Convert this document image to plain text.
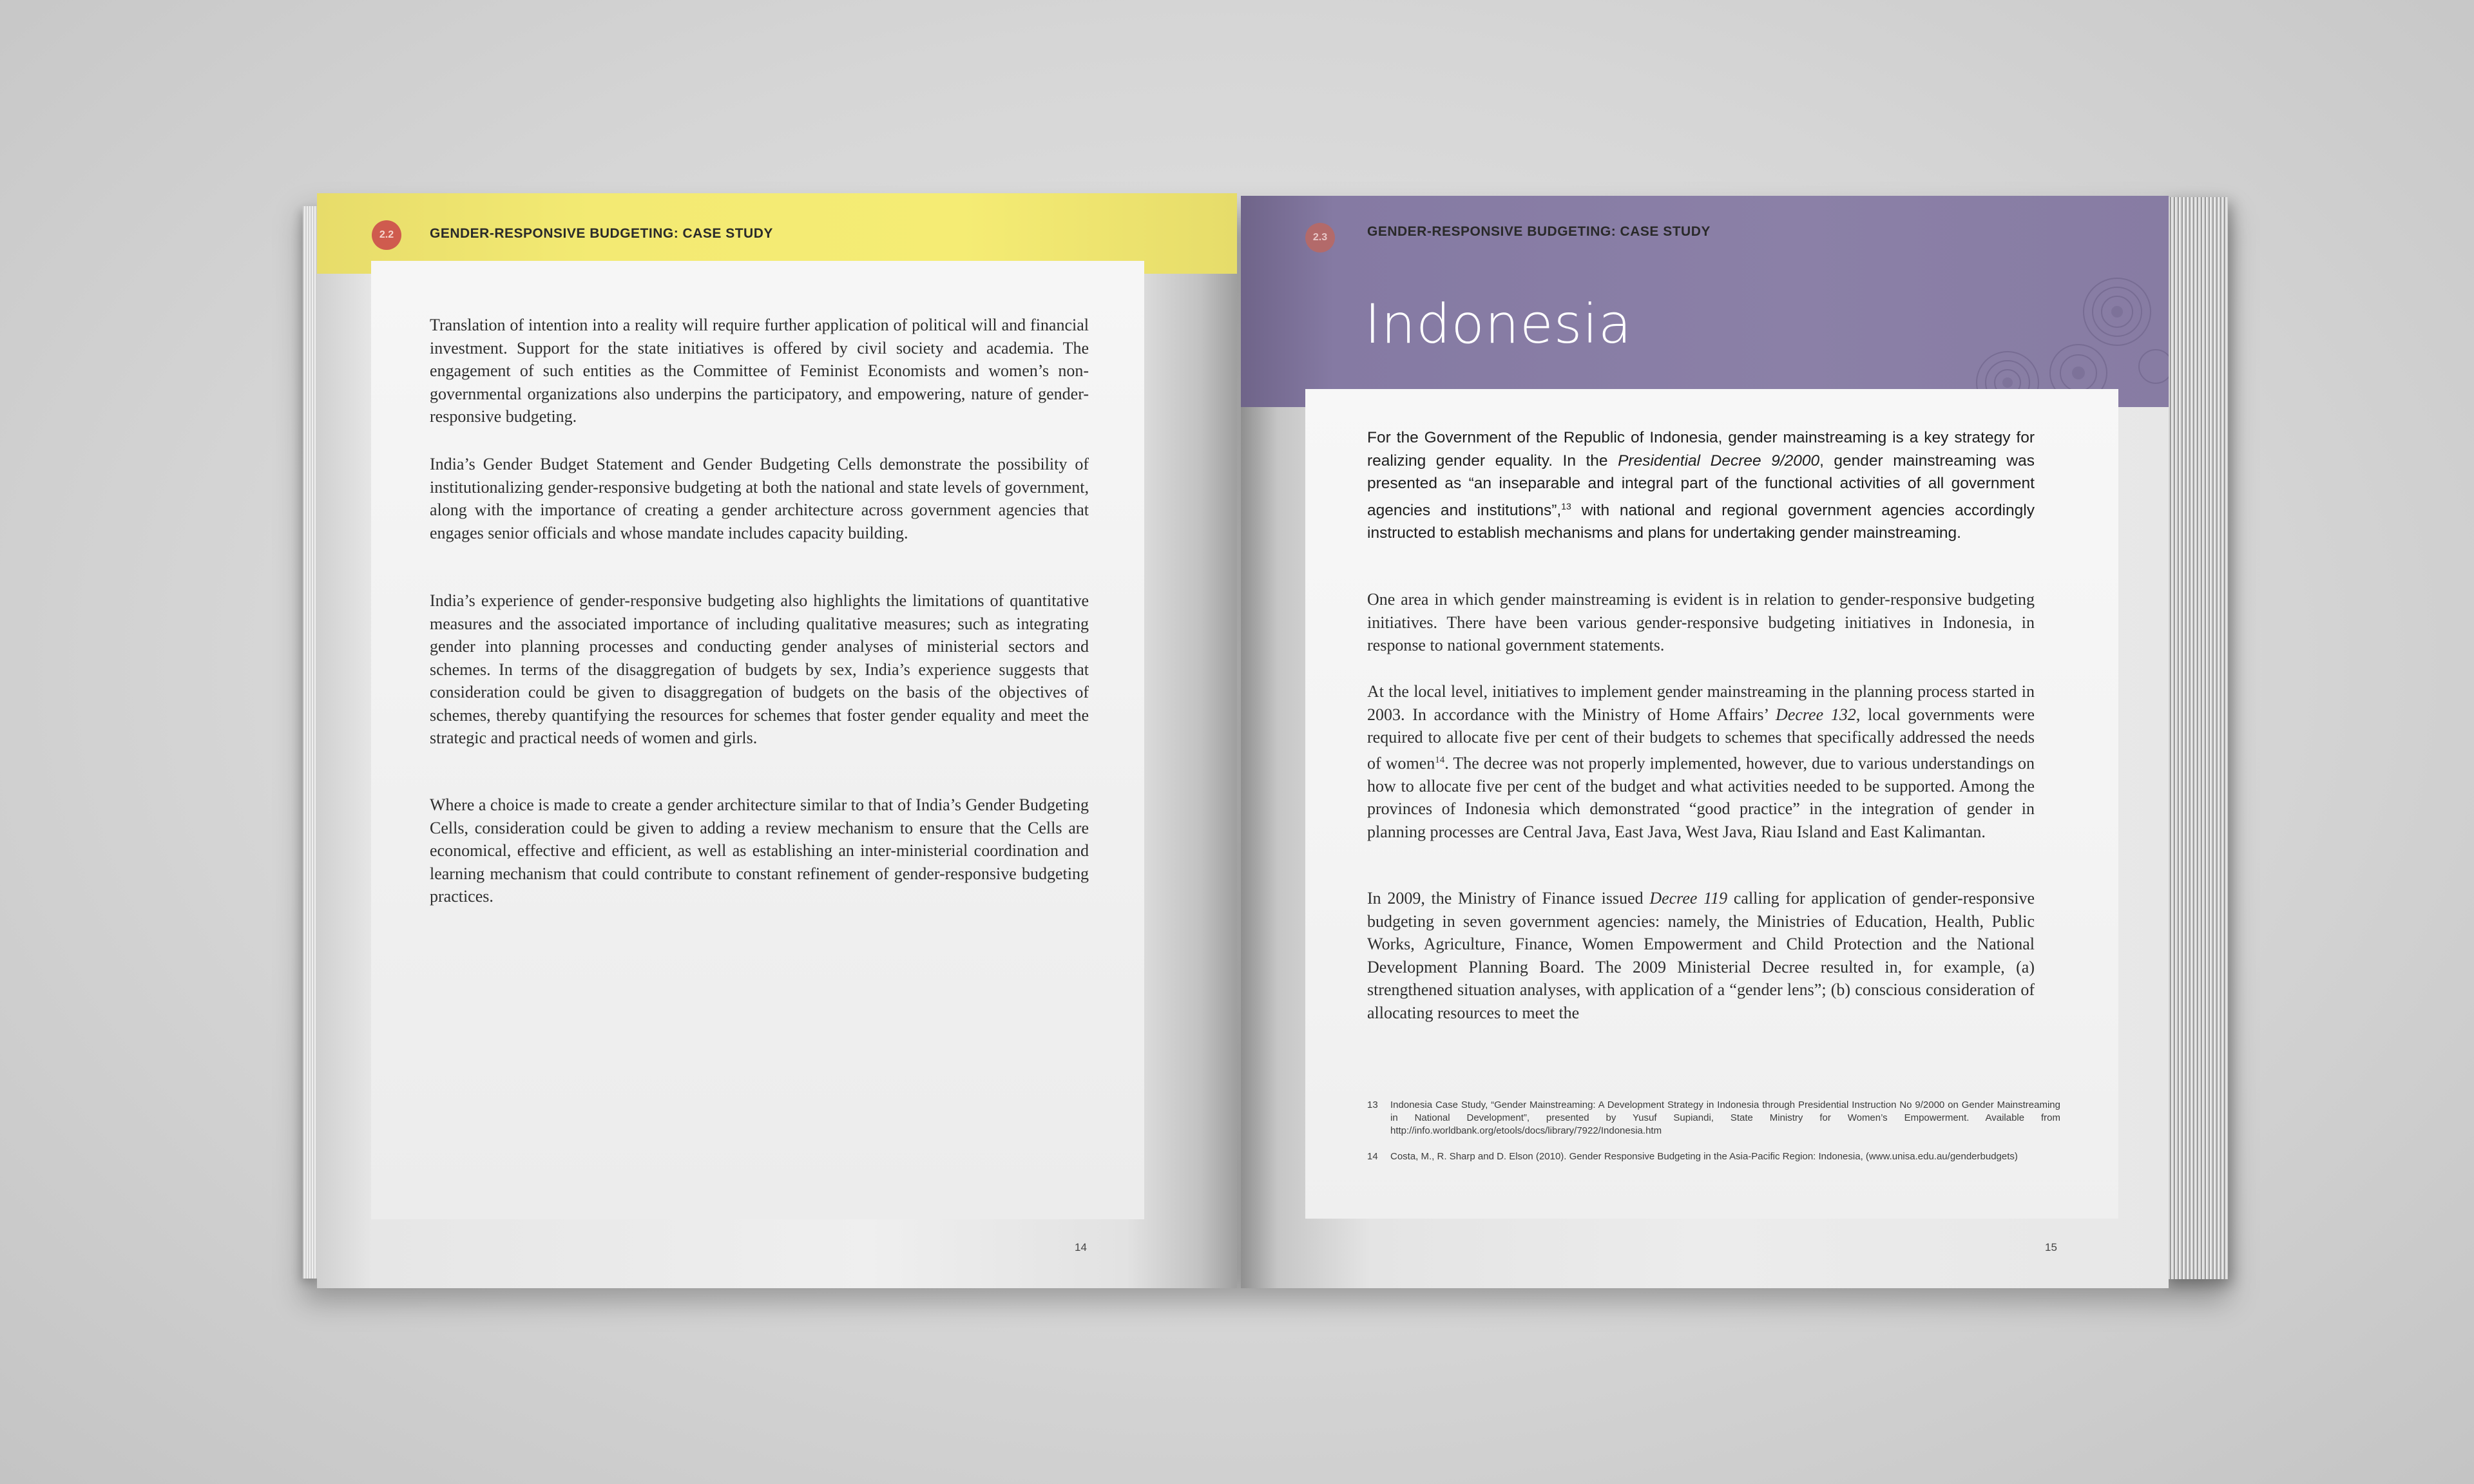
2.2	GENDER-RESPONSIVE BUDGETING: CASE STUDY

Translation of intention into a reality will require further application of political will and financial investment. Support for the state initiatives is offered by civil society and academia. The engagement of such entities as the Committee of Feminist Economists and women’s non-governmental organizations also underpins the participatory, and empowering, nature of gender-responsive budgeting.

India’s Gender Budget Statement and Gender Budgeting Cells demonstrate the possibility of institutionalizing gender-responsive budgeting at both the national and state levels of government, along with the importance of creating a gender architecture across government agencies that engages senior officials and whose mandate includes capacity building.

India’s experience of gender-responsive budgeting also highlights the limitations of quantitative measures and the associated importance of including qualitative measures; such as integrating gender into planning processes and conducting gender analyses of ministerial sectors and schemes. In terms of the disaggregation of budgets by sex, India’s experience suggests that consideration could be given to disaggregation of budgets on the basis of the objectives of schemes, thereby quantifying the resources for schemes that foster gender equality and meet the strategic and practical needs of women and girls.

Where a choice is made to create a gender architecture similar to that of India’s Gender Budgeting Cells, consideration could be given to adding a review mechanism to ensure that the Cells are economical, effective and efficient, as well as establishing an inter-ministerial coordination and learning mechanism that could contribute to constant refinement of gender-responsive budgeting practices.

14
2.3	GENDER-RESPONSIVE BUDGETING: CASE STUDY
Indonesia

For the Government of the Republic of Indonesia, gender mainstreaming is a key strategy for realizing gender equality. In the Presidential Decree 9/2000, gender mainstreaming was presented as “an inseparable and integral part of the functional activities of all government agencies and institutions”,$^{13}$ with national and regional government agencies accordingly instructed to establish mechanisms and plans for undertaking gender mainstreaming.

One area in which gender mainstreaming is evident is in relation to gender-responsive budgeting initiatives. There have been various gender-responsive budgeting initiatives in Indonesia, in response to national government statements.

At the local level, initiatives to implement gender mainstreaming in the planning process started in 2003. In accordance with the Ministry of Home Affairs’ Decree 132, local governments were required to allocate five per cent of their budgets to schemes that specifically addressed the needs of women$^{14}$. The decree was not properly implemented, however, due to various understandings on how to allocate five per cent of the budget and what activities needed to be supported. Among the provinces of Indonesia which demonstrated “good practice” in the integration of gender in planning processes are Central Java, East Java, West Java, Riau Island and East Kalimantan.

In 2009, the Ministry of Finance issued Decree 119 calling for application of gender-responsive budgeting in seven government agencies: namely, the Ministries of Education, Health, Public Works, Agriculture, Finance, Women Empowerment and Child Protection and the National Development Planning Board. The 2009 Ministerial Decree resulted in, for example, (a) strengthened situation analyses, with application of a “gender lens”; (b) conscious consideration of allocating resources to meet the

13 Indonesia Case Study, “Gender Mainstreaming: A Development Strategy in Indonesia through Presidential Instruction No 9/2000 on Gender Mainstreaming in National Development”, presented by Yusuf Supiandi, State Ministry for Women’s Empowerment. Available from http://info.worldbank.org/etools/docs/library/7922/Indonesia.htm
14 Costa, M., R. Sharp and D. Elson (2010). Gender Responsive Budgeting in the Asia-Pacific Region: Indonesia, (www.unisa.edu.au/genderbudgets)
15
